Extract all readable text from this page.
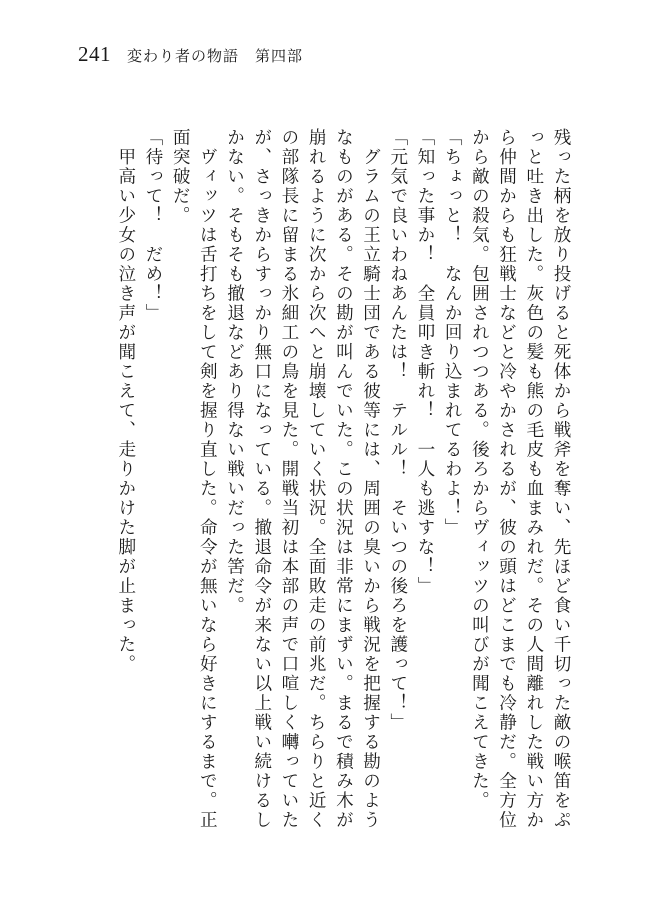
241 変わり者の物語　第四部

残った柄を放り投げると死体から戦斧を奪い、先ほど食い千切った敵の喉笛をぷっと吐き出した。灰色の髪も熊の毛皮も血まみれだ。その人間離れした戦い方から仲間からも狂戦士などと冷やかされるが、彼の頭はどこまでも冷静だ。全方位から敵の殺気。包囲されつつある。後ろからヴィッツの叫びが聞こえてきた。

「ちょっと！　なんか回り込まれてるわよ！」

「知った事か！　全員叩き斬れ！　一人も逃すな！」

「元気で良いわねあんたは！　テルル！　そいつの後ろを護って！」

　グラムの王立騎士団である彼等には、周囲の臭いから戦況を把握する勘のようなものがある。その勘が叫んでいた。この状況は非常にまずい。まるで積み木が崩れるように次から次へと崩壊していく状況。全面敗走の前兆だ。ちらりと近くの部隊長に留まる氷細工の鳥を見た。開戦当初は本部の声で口喧しく囀っていたが、さっきからすっかり無口になっている。撤退命令が来ない以上戦い続けるしかない。そもそも撤退などあり得ない戦いだった筈だ。

　ヴィッツは舌打ちをして剣を握り直した。命令が無いなら好きにするまで。正面突破だ。

「待って！　だめ！」

　甲高い少女の泣き声が聞こえて、走りかけた脚が止まった。
